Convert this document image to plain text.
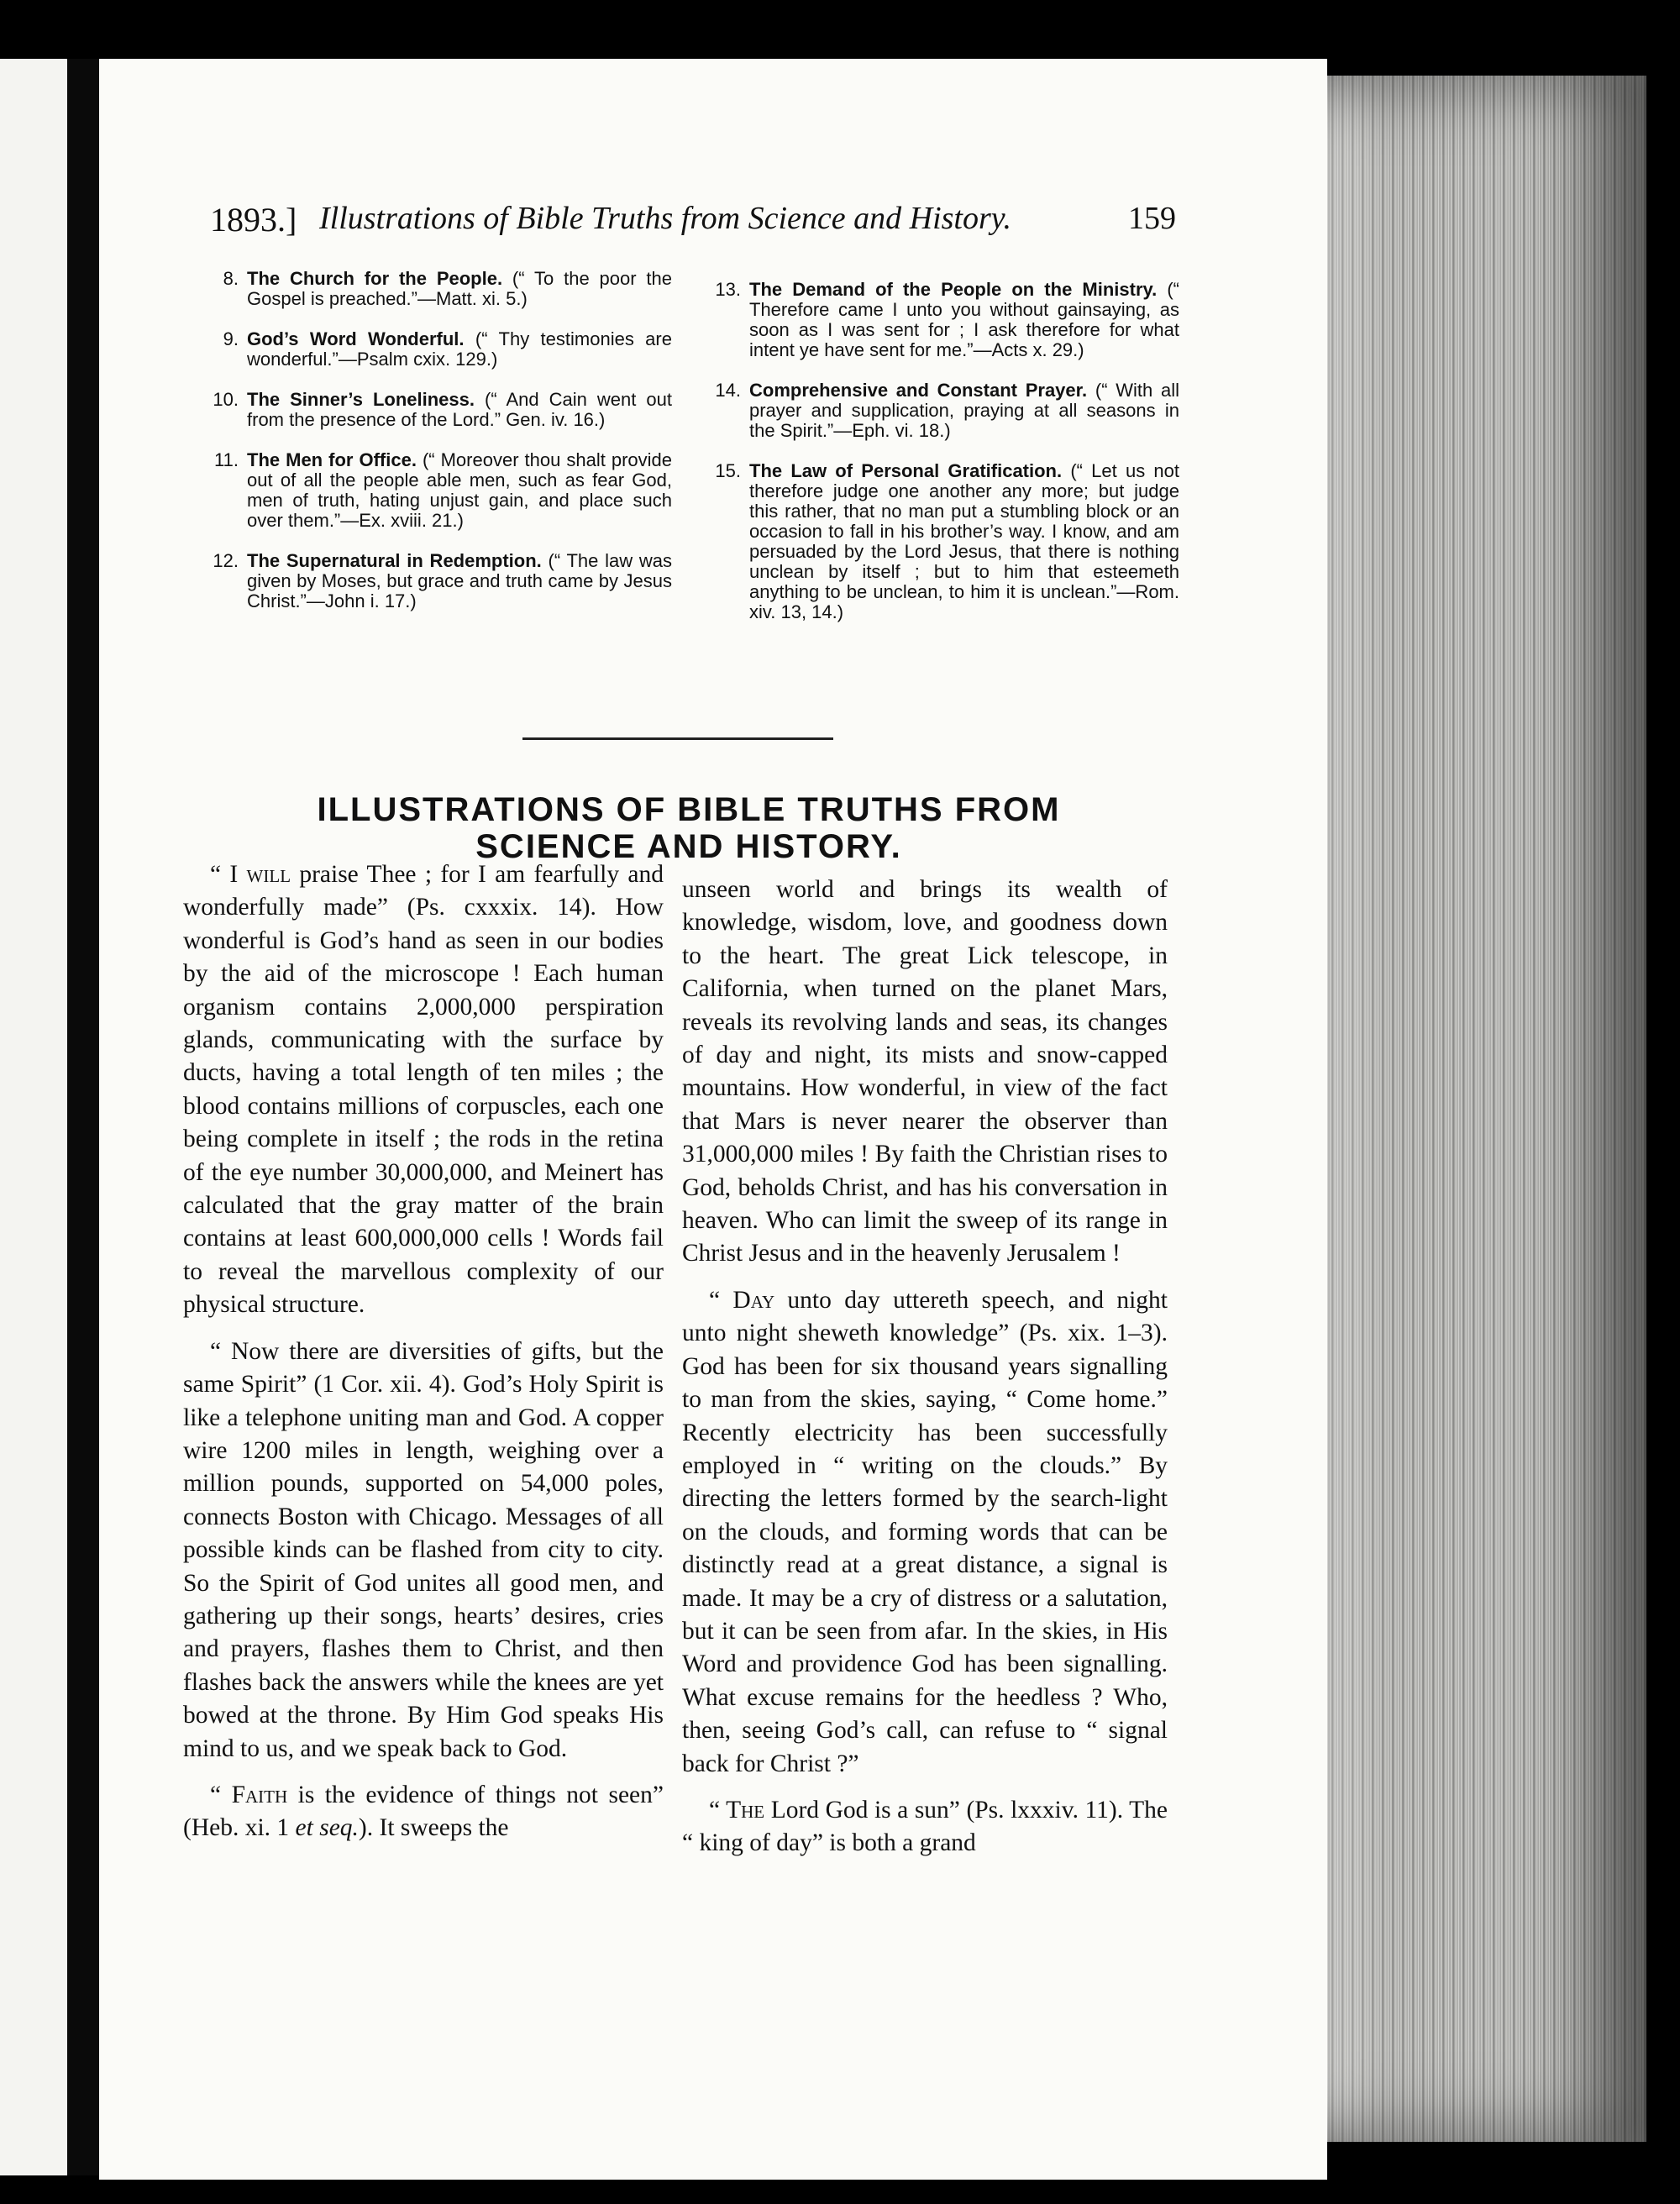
1893.] Illustrations of Bible Truths from Science and History.	159
8. The Church for the People. (“ To the poor the Gospel is preached.”—Matt. xi. 5.)
9. God’s Word Wonderful. (“ Thy testimonies are wonderful.”—Psalm cxix. 129.)
10. The Sinner’s Loneliness. (“ And Cain went out from the presence of the Lord.” Gen. iv. 16.)
11. The Men for Office. (“ Moreover thou shalt provide out of all the people able men, such as fear God, men of truth, hating unjust gain, and place such over them.”—Ex. xviii. 21.)
12. The Supernatural in Redemption. (“ The law was given by Moses, but grace and truth came by Jesus Christ.”—John i. 17.)
13. The Demand of the People on the Ministry. (“ Therefore came I unto you without gainsaying, as soon as I was sent for ; I ask therefore for what intent ye have sent for me.”—Acts x. 29.)
14. Comprehensive and Constant Prayer. (“ With all prayer and supplication, praying at all seasons in the Spirit.”—Eph. vi. 18.)
15. The Law of Personal Gratification. (“ Let us not therefore judge one another any more; but judge this rather, that no man put a stumbling block or an occasion to fall in his brother’s way. I know, and am persuaded by the Lord Jesus, that there is nothing unclean by itself ; but to him that esteemeth anything to be unclean, to him it is unclean.”—Rom. xiv. 13, 14.)
ILLUSTRATIONS OF BIBLE TRUTHS FROM
SCIENCE AND HISTORY.

“ I will praise Thee ; for I am fearfully and wonderfully made” (Ps. cxxxix. 14). How wonderful is God’s hand as seen in our bodies by the aid of the microscope ! Each human organism contains 2,000,000 perspiration glands, communicating with the surface by ducts, having a total length of ten miles ; the blood contains millions of corpuscles, each one being complete in itself ; the rods in the retina of the eye number 30,000,000, and Meinert has calculated that the gray matter of the brain contains at least 600,000,000 cells ! Words fail to reveal the marvellous complexity of our physical structure.

“ Now there are diversities of gifts, but the same Spirit” (1 Cor. xii. 4). God’s Holy Spirit is like a telephone uniting man and God. A copper wire 1200 miles in length, weighing over a million pounds, supported on 54,000 poles, connects Boston with Chicago. Messages of all possible kinds can be flashed from city to city. So the Spirit of God unites all good men, and gathering up their songs, hearts’ desires, cries and prayers, flashes them to Christ, and then flashes back the answers while the knees are yet bowed at the throne. By Him God speaks His mind to us, and we speak back to God.

“ Faith is the evidence of things not seen” (Heb. xi. 1 et seq.). It sweeps the

unseen world and brings its wealth of knowledge, wisdom, love, and goodness down to the heart. The great Lick telescope, in California, when turned on the planet Mars, reveals its revolving lands and seas, its changes of day and night, its mists and snow-capped mountains. How wonderful, in view of the fact that Mars is never nearer the observer than 31,000,000 miles ! By faith the Christian rises to God, beholds Christ, and has his conversation in heaven. Who can limit the sweep of its range in Christ Jesus and in the heavenly Jerusalem !

“ Day unto day uttereth speech, and night unto night sheweth knowledge” (Ps. xix. 1–3). God has been for six thousand years signalling to man from the skies, saying, “ Come home.” Recently electricity has been successfully employed in “ writing on the clouds.” By directing the letters formed by the search-light on the clouds, and forming words that can be distinctly read at a great distance, a signal is made. It may be a cry of distress or a salutation, but it can be seen from afar. In the skies, in His Word and providence God has been signalling. What excuse remains for the heedless ? Who, then, seeing God’s call, can refuse to “ signal back for Christ ?”

“ The Lord God is a sun” (Ps. lxxxiv. 11). The “ king of day” is both a grand
